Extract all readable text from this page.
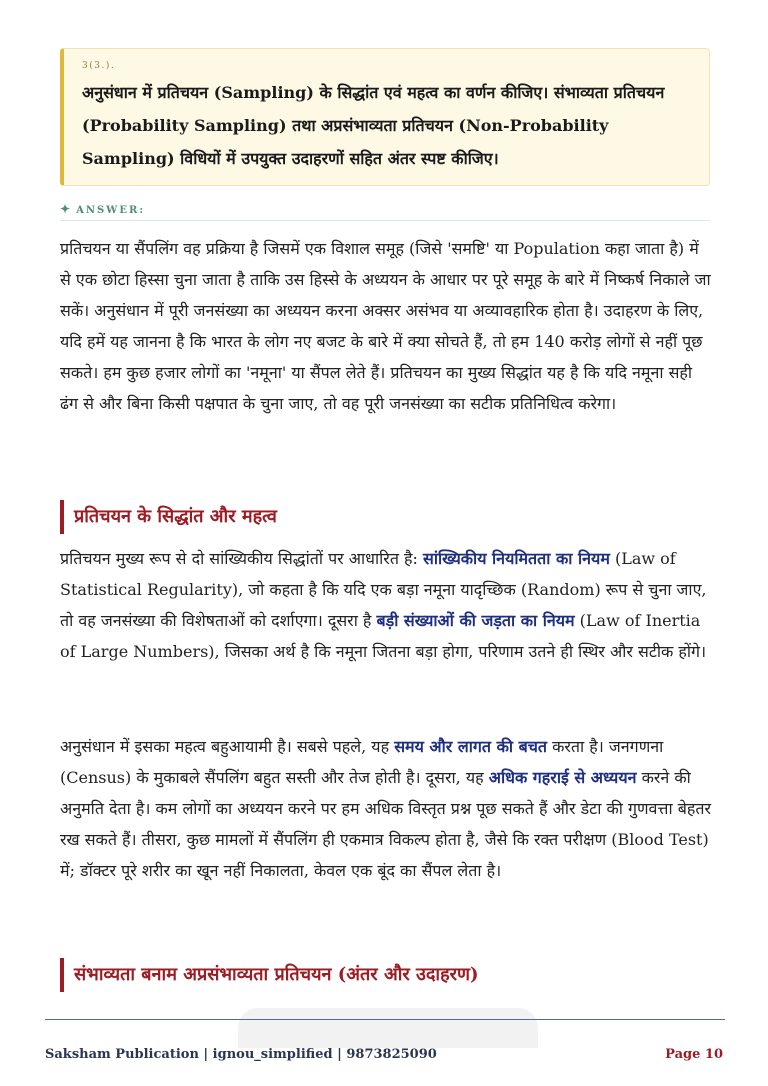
3(3.).
अनुसंधान में प्रतिचयन (Sampling) के सिद्धांत एवं महत्व का वर्णन कीजिए। संभाव्यता प्रतिचयन (Probability Sampling) तथा अप्रसंभाव्यता प्रतिचयन (Non-Probability Sampling) विधियों में उपयुक्त उदाहरणों सहित अंतर स्पष्ट कीजिए।
✦ ANSWER:

प्रतिचयन या सैंपलिंग वह प्रक्रिया है जिसमें एक विशाल समूह (जिसे 'समष्टि' या Population कहा जाता है) में से एक छोटा हिस्सा चुना जाता है ताकि उस हिस्से के अध्ययन के आधार पर पूरे समूह के बारे में निष्कर्ष निकाले जा सकें। अनुसंधान में पूरी जनसंख्या का अध्ययन करना अक्सर असंभव या अव्यावहारिक होता है। उदाहरण के लिए, यदि हमें यह जानना है कि भारत के लोग नए बजट के बारे में क्या सोचते हैं, तो हम 140 करोड़ लोगों से नहीं पूछ सकते। हम कुछ हजार लोगों का 'नमूना' या सैंपल लेते हैं। प्रतिचयन का मुख्य सिद्धांत यह है कि यदि नमूना सही ढंग से और बिना किसी पक्षपात के चुना जाए, तो वह पूरी जनसंख्या का सटीक प्रतिनिधित्व करेगा।

प्रतिचयन के सिद्धांत और महत्व

प्रतिचयन मुख्य रूप से दो सांख्यिकीय सिद्धांतों पर आधारित है: सांख्यिकीय नियमितता का नियम (Law of Statistical Regularity), जो कहता है कि यदि एक बड़ा नमूना यादृच्छिक (Random) रूप से चुना जाए, तो वह जनसंख्या की विशेषताओं को दर्शाएगा। दूसरा है बड़ी संख्याओं की जड़ता का नियम (Law of Inertia of Large Numbers), जिसका अर्थ है कि नमूना जितना बड़ा होगा, परिणाम उतने ही स्थिर और सटीक होंगे।

अनुसंधान में इसका महत्व बहुआयामी है। सबसे पहले, यह समय और लागत की बचत करता है। जनगणना (Census) के मुकाबले सैंपलिंग बहुत सस्ती और तेज होती है। दूसरा, यह अधिक गहराई से अध्ययन करने की अनुमति देता है। कम लोगों का अध्ययन करने पर हम अधिक विस्तृत प्रश्न पूछ सकते हैं और डेटा की गुणवत्ता बेहतर रख सकते हैं। तीसरा, कुछ मामलों में सैंपलिंग ही एकमात्र विकल्प होता है, जैसे कि रक्त परीक्षण (Blood Test) में; डॉक्टर पूरे शरीर का खून नहीं निकालता, केवल एक बूंद का सैंपल लेता है।

संभाव्यता बनाम अप्रसंभाव्यता प्रतिचयन (अंतर और उदाहरण)
Saksham Publication | ignou_simplified | 9873825090	Page 10
